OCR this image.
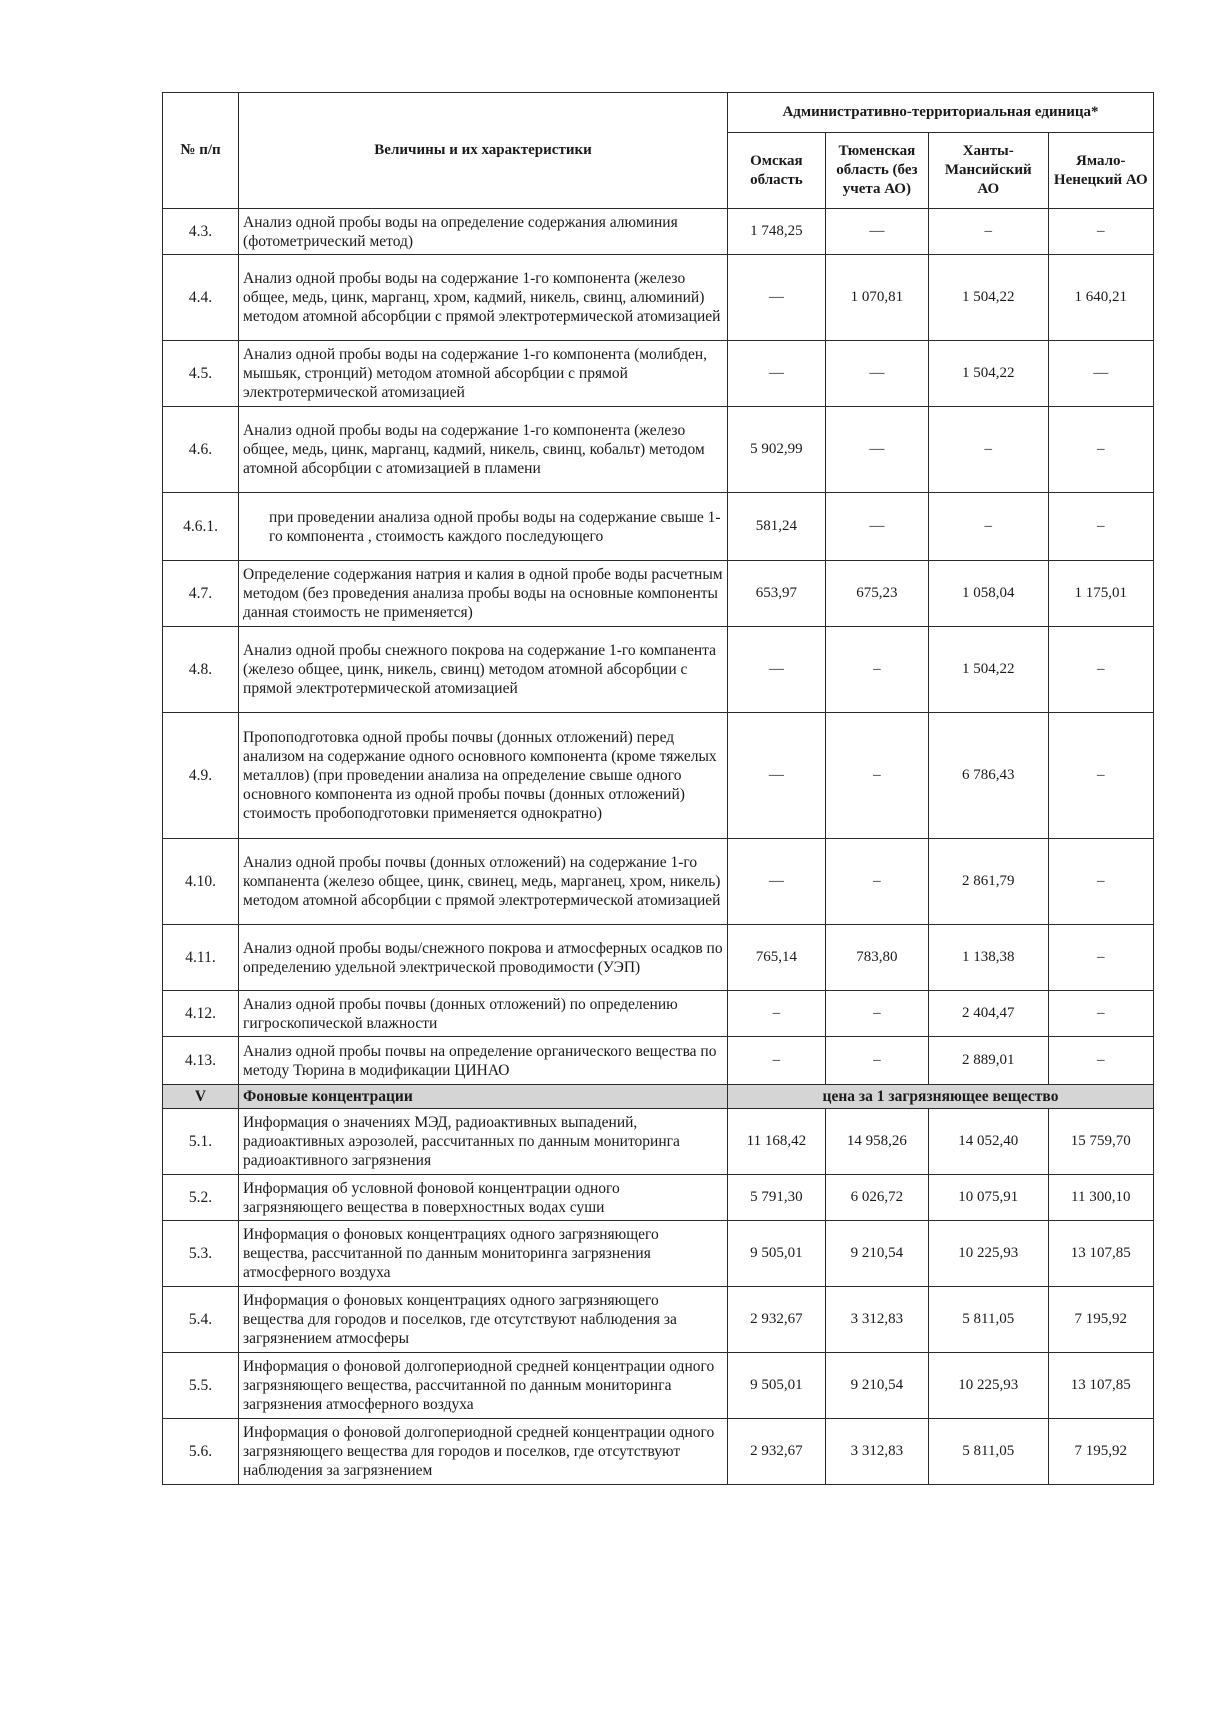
№ п/п	Величины и их характеристики	Административно-территориальная единица*			
		Омская область	Тюменская область (без учета АО)	Ханты-Мансийский АО	Ямало-Ненецкий АО
4.3.	Анализ одной пробы воды на определение содержания алюминия (фотометрический метод)	1 748,25	—	–	–
4.4.	Анализ одной пробы воды на содержание 1-го компонента (железо общее, медь, цинк, марганц, хром, кадмий, никель, свинц, алюминий) методом атомной абсорбции с прямой электротермической атомизацией	—	1 070,81	1 504,22	1 640,21
4.5.	Анализ одной пробы воды на содержание 1-го компонента (молибден, мышьяк, стронций) методом атомной абсорбции с прямой электротермической атомизацией	—	—	1 504,22	—
4.6.	Анализ одной пробы воды на содержание 1-го компонента (железо общее, медь, цинк, марганц, кадмий, никель, свинц, кобальт) методом атомной абсорбции с атомизацией в пламени	5 902,99	—	–	–
4.6.1.	при проведении анализа одной пробы воды на содержание свыше 1-го компонента , стоимость каждого последующего	581,24	—	–	–
4.7.	Определение содержания натрия и калия в одной пробе воды расчетным методом (без проведения анализа пробы воды на основные компоненты данная стоимость не применяется)	653,97	675,23	1 058,04	1 175,01
4.8.	Анализ одной пробы снежного покрова на содержание 1-го компанента (железо общее, цинк, никель, свинц) методом атомной абсорбции с прямой электротермической атомизацией	—	–	1 504,22	–
4.9.	Пропоподготовка одной пробы почвы (донных отложений) перед анализом на содержание одного основного компонента (кроме тяжелых металлов) (при проведении анализа на определение свыше одного основного компонента из одной пробы почвы (донных отложений) стоимость пробоподготовки применяется однократно)	—	–	6 786,43	–
4.10.	Анализ одной пробы почвы (донных отложений) на содержание 1-го компанента (железо общее, цинк, свинец, медь, марганец, хром, никель) методом атомной абсорбции с прямой электротермической атомизацией	—	–	2 861,79	–
4.11.	Анализ одной пробы воды/снежного покрова и атмосферных осадков по определению удельной электрической проводимости (УЭП)	765,14	783,80	1 138,38	–
4.12.	Анализ одной пробы почвы (донных отложений) по определению гигроскопической влажности	–	–	2 404,47	–
4.13.	Анализ одной пробы почвы на определение органического вещества по методу Тюрина в модификации ЦИНАО	–	–	2 889,01	–
V	Фоновые концентрации	цена за 1 загрязняющее вещество			
5.1.	Информация о значениях МЭД, радиоактивных выпадений, радиоактивных аэрозолей, рассчитанных по данным мониторинга радиоактивного загрязнения	11 168,42	14 958,26	14 052,40	15 759,70
5.2.	Информация об условной фоновой концентрации одного загрязняющего вещества в поверхностных водах суши	5 791,30	6 026,72	10 075,91	11 300,10
5.3.	Информация о фоновых концентрациях одного загрязняющего вещества, рассчитанной по данным мониторинга загрязнения атмосферного воздуха	9 505,01	9 210,54	10 225,93	13 107,85
5.4.	Информация о фоновых концентрациях одного загрязняющего вещества для городов и поселков, где отсутствуют наблюдения за загрязнением атмосферы	2 932,67	3 312,83	5 811,05	7 195,92
5.5.	Информация о фоновой долгопериодной средней концентрации одного загрязняющего вещества, рассчитанной по данным мониторинга загрязнения атмосферного воздуха	9 505,01	9 210,54	10 225,93	13 107,85
5.6.	Информация о фоновой долгопериодной средней концентрации одного загрязняющего вещества для городов и поселков, где отсутствуют наблюдения за загрязнением	2 932,67	3 312,83	5 811,05	7 195,92
